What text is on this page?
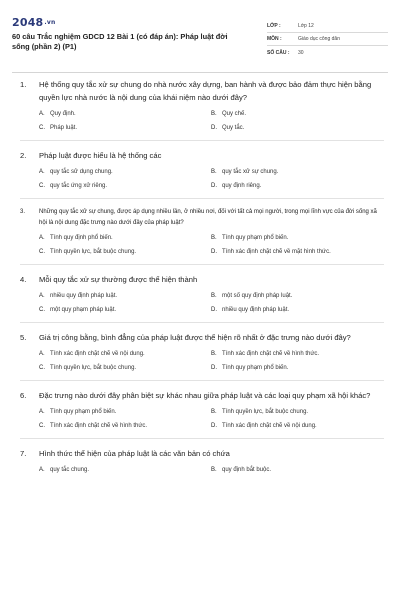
2048.vn
60 câu Trắc nghiệm GDCD 12 Bài 1 (có đáp án): Pháp luật đời sống (phần 2) (P1)
LỚP :	Lớp 12
MÔN :	Giáo dục công dân
SỐ CÂU :	30
1.	Hệ thống quy tắc xử sự chung do nhà nước xây dựng, ban hành và được bảo đảm thực hiện bằng quyền lực nhà nước là nội dung của khái niệm nào dưới đây?
A. Quy định.	B. Quy chế.
C. Pháp luật.	D. Quy tắc.
2.	Pháp luật được hiểu là hệ thống các
A. quy tắc sử dụng chung.	B. quy tắc xử sự chung.
C. quy tắc ứng xử riêng.	D. quy định riêng.
3.	Những quy tắc xử sự chung, được áp dụng nhiều lần, ở nhiều nơi, đối với tất cả mọi người, trong mọi lĩnh vực của đời sống xã hội là nội dung đặc trưng nào dưới đây của pháp luật?
A. Tính quy định phổ biến.	B. Tính quy phạm phổ biến.
C. Tính quyền lực, bắt buộc chung.	D. Tính xác định chặt chẽ về mặt hình thức.
4.	Mỗi quy tắc xử sự thường được thể hiện thành
A. nhiều quy định pháp luật.	B. một số quy định pháp luật.
C. một quy phạm pháp luật.	D. nhiều quy định pháp luật.
5.	Giá trị công bằng, bình đẳng của pháp luật được thể hiện rõ nhất ở đặc trưng nào dưới đây?
A. Tính xác định chặt chẽ về nội dung.	B. Tính xác định chặt chẽ về hình thức.
C. Tính quyền lực, bắt buộc chung.	D. Tính quy phạm phổ biến.
6.	Đặc trưng nào dưới đây phân biệt sự khác nhau giữa pháp luật và các loại quy phạm xã hội khác?
A. Tính quy phạm phổ biến.	B. Tính quyền lực, bắt buộc chung.
C. Tính xác định chặt chẽ về hình thức.	D. Tính xác định chặt chẽ về nội dung.
7.	Hình thức thể hiện của pháp luật là các văn bản có chứa
A. quy tắc chung.	B. quy định bắt buộc.
